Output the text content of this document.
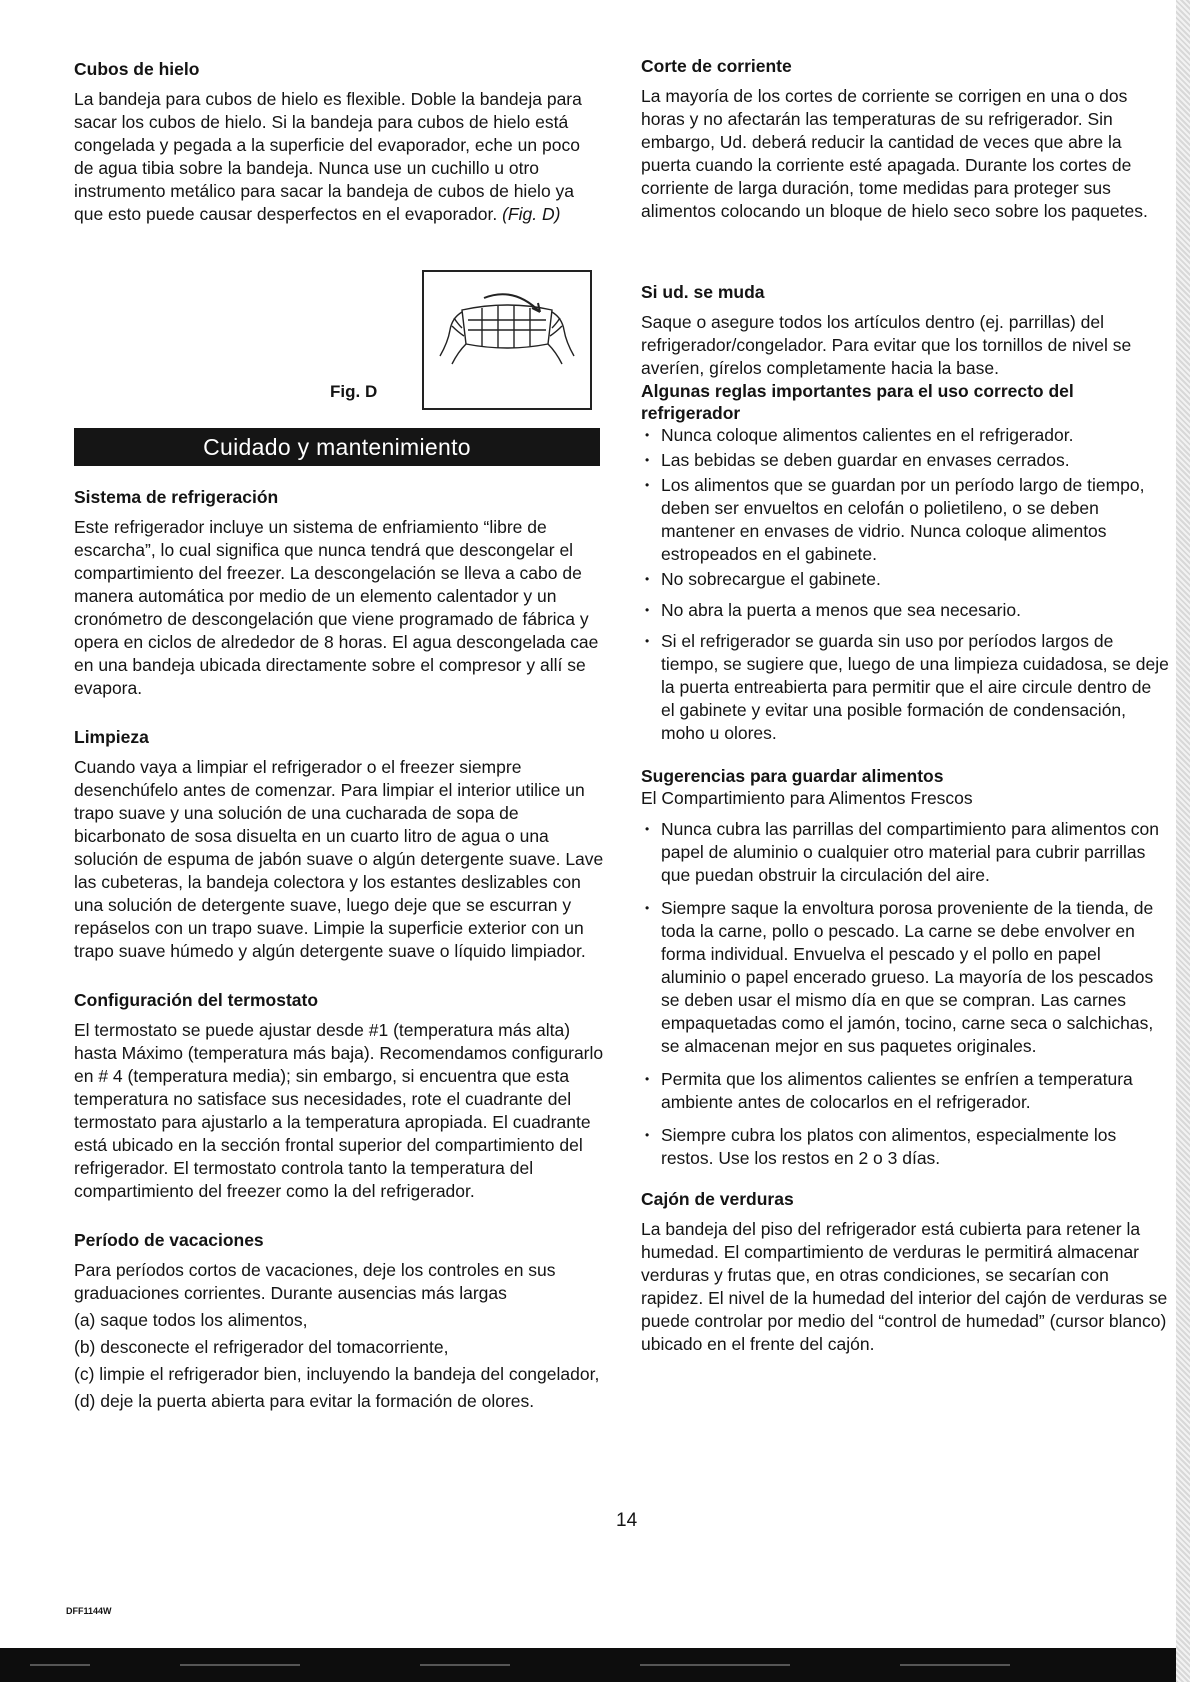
Cubos de hielo

La bandeja para cubos de hielo es flexible. Doble la bandeja para sacar los cubos de hielo. Si la bandeja para cubos de hielo está congelada y pegada a la superficie del evaporador, eche un poco de agua tibia sobre la bandeja. Nunca use un cuchillo u otro instrumento metálico para sacar la bandeja de cubos de hielo ya que esto puede causar desperfectos en el evaporador. (Fig. D)

Fig. D
Cuidado y mantenimiento
Sistema de refrigeración

Este refrigerador incluye un sistema de enfriamiento “libre de escarcha”, lo cual significa que nunca tendrá que descongelar el compartimiento del freezer. La descongelación se lleva a cabo de manera automática por medio de un elemento calentador y un cronómetro de descongelación que viene programado de fábrica y opera en ciclos de alrededor de 8 horas. El agua descongelada cae en una bandeja ubicada directamente sobre el compresor y allí se evapora.

Limpieza

Cuando vaya a limpiar el refrigerador o el freezer siempre desenchúfelo antes de comenzar. Para limpiar el interior utilice un trapo suave y una solución de una cucharada de sopa de bicarbonato de sosa disuelta en un cuarto litro de agua o una solución de espuma de jabón suave o algún detergente suave. Lave las cubeteras, la bandeja colectora y los estantes deslizables con una solución de detergente suave, luego deje que se escurran y repáselos con un trapo suave. Limpie la superficie exterior con un trapo suave húmedo y algún detergente suave o líquido limpiador.

Configuración del termostato

El termostato se puede ajustar desde #1 (temperatura más alta) hasta Máximo (temperatura más baja). Recomendamos configurarlo en # 4 (temperatura media); sin embargo, si encuentra que esta temperatura no satisface sus necesidades, rote el cuadrante del termostato para ajustarlo a la temperatura apropiada. El cuadrante está ubicado en la sección frontal superior del compartimiento del refrigerador. El termostato controla tanto la temperatura del compartimiento del freezer como la del refrigerador.

Período de vacaciones

Para períodos cortos de vacaciones, deje los controles en sus graduaciones corrientes. Durante ausencias más largas

(a) saque todos los alimentos,
(b) desconecte el refrigerador del tomacorriente,
(c) limpie el refrigerador bien, incluyendo la bandeja del congelador,
(d) deje la puerta abierta para evitar la formación de olores.
Corte de corriente

La mayoría de los cortes de corriente se corrigen en una o dos horas y no afectarán las temperaturas de su refrigerador. Sin embargo, Ud. deberá reducir la cantidad de veces que abre la puerta cuando la corriente esté apagada. Durante los cortes de corriente de larga duración, tome medidas para proteger sus alimentos colocando un bloque de hielo seco sobre los paquetes.

Si ud. se muda

Saque o asegure todos los artículos dentro (ej. parrillas) del refrigerador/congelador. Para evitar que los tornillos de nivel se averíen, gírelos completamente hacia la base.

Algunas reglas importantes para el uso correcto del refrigerador
• Nunca coloque alimentos calientes en el refrigerador.
• Las bebidas se deben guardar en envases cerrados.
• Los alimentos que se guardan por un período largo de tiempo, deben ser envueltos en celofán o polietileno, o se deben mantener en envases de vidrio. Nunca coloque alimentos estropeados en el gabinete.
• No sobrecargue el gabinete.
• No abra la puerta a menos que sea necesario.
• Si el refrigerador se guarda sin uso por períodos largos de tiempo, se sugiere que, luego de una limpieza cuidadosa, se deje la puerta entreabierta para permitir que el aire circule dentro de el gabinete y evitar una posible formación de condensación, moho u olores.
Sugerencias para guardar alimentos

El Compartimiento para Alimentos Frescos

• Nunca cubra las parrillas del compartimiento para alimentos con papel de aluminio o cualquier otro material para cubrir parrillas que puedan obstruir la circulación del aire.
• Siempre saque la envoltura porosa proveniente de la tienda, de toda la carne, pollo o pescado. La carne se debe envolver en forma individual. Envuelva el pescado y el pollo en papel aluminio o papel encerado grueso. La mayoría de los pescados se deben usar el mismo día en que se compran. Las carnes empaquetadas como el jamón, tocino, carne seca o salchichas, se almacenan mejor en sus paquetes originales.
• Permita que los alimentos calientes se enfríen a temperatura ambiente antes de colocarlos en el refrigerador.
• Siempre cubra los platos con alimentos, especialmente los restos. Use los restos en 2 o 3 días.
Cajón de verduras

La bandeja del piso del refrigerador está cubierta para retener la humedad. El compartimiento de verduras le permitirá almacenar verduras y frutas que, en otras condiciones, se secarían con rapidez. El nivel de la humedad del interior del cajón de verduras se puede controlar por medio del “control de humedad” (cursor blanco) ubicado en el frente del cajón.

14
DFF1144W
